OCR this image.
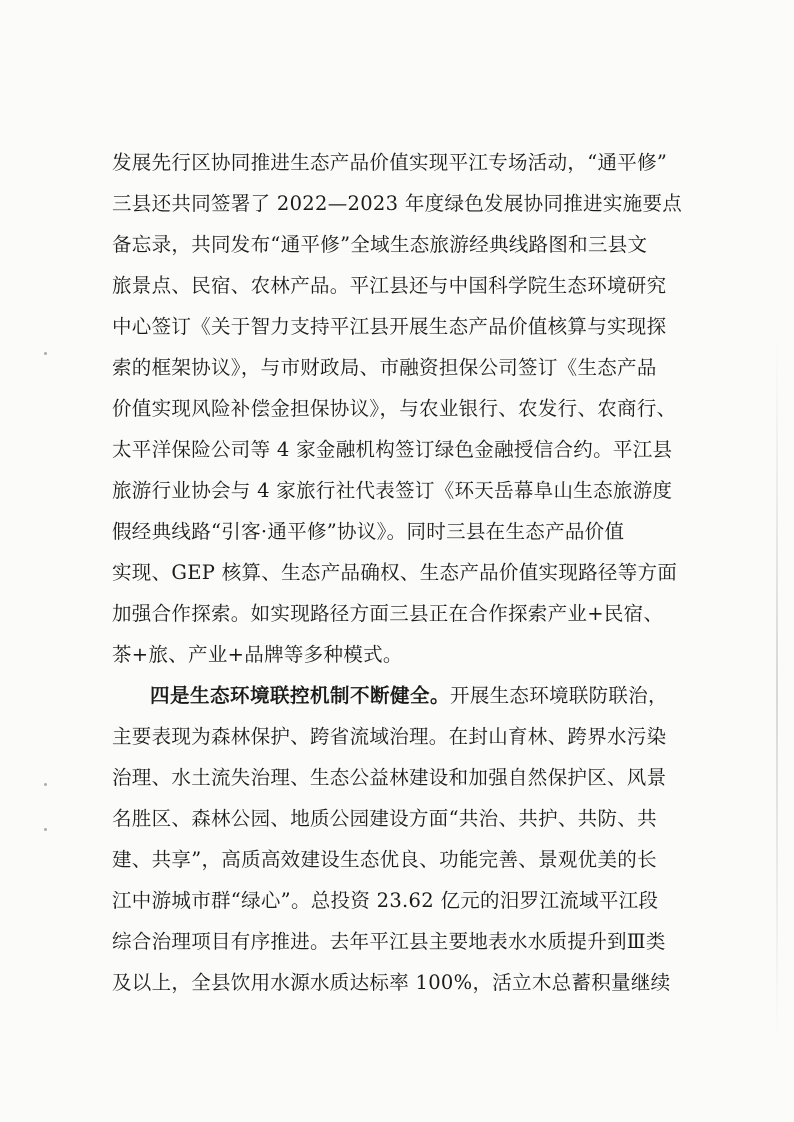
发展先行区协同推进生态产品价值实现平江专场活动，“通平修”
三县还共同签署了 2022—2023 年度绿色发展协同推进实施要点
备忘录，共同发布“通平修”全域生态旅游经典线路图和三县文
旅景点、民宿、农林产品。平江县还与中国科学院生态环境研究
中心签订《关于智力支持平江县开展生态产品价值核算与实现探
索的框架协议》，与市财政局、市融资担保公司签订《生态产品
价值实现风险补偿金担保协议》，与农业银行、农发行、农商行、
太平洋保险公司等 4 家金融机构签订绿色金融授信合约。平江县
旅游行业协会与 4 家旅行社代表签订《环天岳幕阜山生态旅游度
假经典线路“引客·通平修”协议》。同时三县在生态产品价值
实现、GEP 核算、生态产品确权、生态产品价值实现路径等方面
加强合作探索。如实现路径方面三县正在合作探索产业+民宿、
茶+旅、产业+品牌等多种模式。
四是生态环境联控机制不断健全。开展生态环境联防联治，
主要表现为森林保护、跨省流域治理。在封山育林、跨界水污染
治理、水土流失治理、生态公益林建设和加强自然保护区、风景
名胜区、森林公园、地质公园建设方面“共治、共护、共防、共
建、共享”，高质高效建设生态优良、功能完善、景观优美的长
江中游城市群“绿心”。总投资 23.62 亿元的汨罗江流域平江段
综合治理项目有序推进。去年平江县主要地表水水质提升到Ⅲ类
及以上，全县饮用水源水质达标率 100%，活立木总蓄积量继续
